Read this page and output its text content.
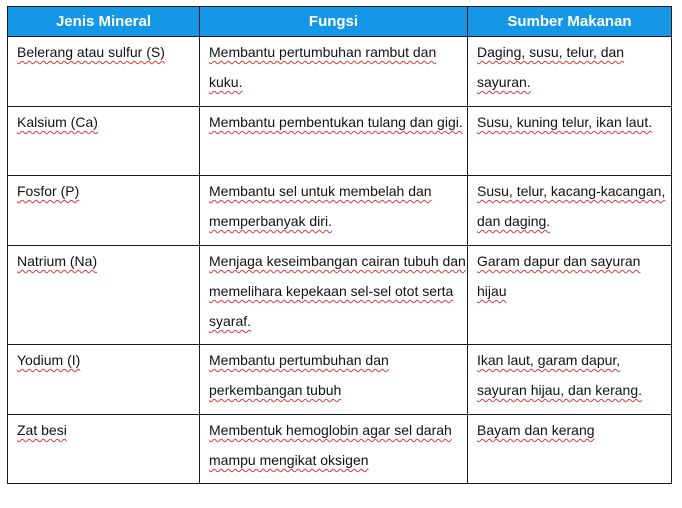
Jenis Mineral	Fungsi	Sumber Makanan
Belerang atau sulfur (S)	Membantu pertumbuhan rambut dan kuku.	Daging, susu, telur, dan sayuran.
Kalsium (Ca)	Membantu pembentukan tulang dan gigi.	Susu, kuning telur, ikan laut.
Fosfor (P)	Membantu sel untuk membelah dan memperbanyak diri.	Susu, telur, kacang-kacangan, dan daging.
Natrium (Na)	Menjaga keseimbangan cairan tubuh dan memelihara kepekaan sel-sel otot serta syaraf.	Garam dapur dan sayuran hijau
Yodium (I)	Membantu pertumbuhan dan perkembangan tubuh	Ikan laut, garam dapur, sayuran hijau, dan kerang.
Zat besi	Membentuk hemoglobin agar sel darah mampu mengikat oksigen	Bayam dan kerang
